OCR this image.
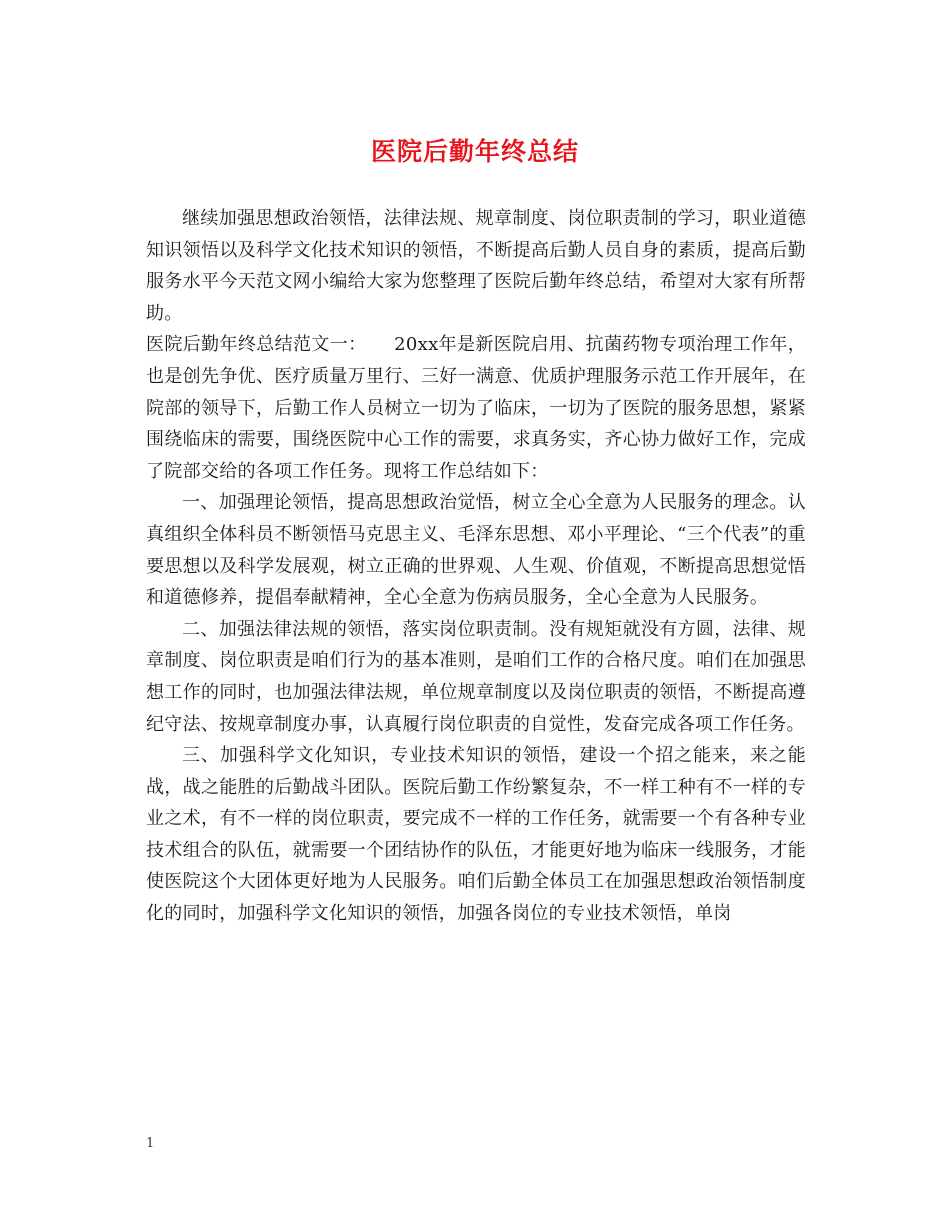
医院后勤年终总结

继续加强思想政治领悟，法律法规、规章制度、岗位职责制的学习，职业道德知识领悟以及科学文化技术知识的领悟，不断提高后勤人员自身的素质，提高后勤服务水平今天范文网小编给大家为您整理了医院后勤年终总结，希望对大家有所帮助。

医院后勤年终总结范文一：　　20xx年是新医院启用、抗菌药物专项治理工作年，也是创先争优、医疗质量万里行、三好一满意、优质护理服务示范工作开展年，在院部的领导下，后勤工作人员树立一切为了临床，一切为了医院的服务思想，紧紧围绕临床的需要，围绕医院中心工作的需要，求真务实，齐心协力做好工作，完成了院部交给的各项工作任务。现将工作总结如下：

一、加强理论领悟，提高思想政治觉悟，树立全心全意为人民服务的理念。认真组织全体科员不断领悟马克思主义、毛泽东思想、邓小平理论、“三个代表”的重要思想以及科学发展观，树立正确的世界观、人生观、价值观，不断提高思想觉悟和道德修养，提倡奉献精神，全心全意为伤病员服务，全心全意为人民服务。

二、加强法律法规的领悟，落实岗位职责制。没有规矩就没有方圆，法律、规章制度、岗位职责是咱们行为的基本准则，是咱们工作的合格尺度。咱们在加强思想工作的同时，也加强法律法规，单位规章制度以及岗位职责的领悟，不断提高遵纪守法、按规章制度办事，认真履行岗位职责的自觉性，发奋完成各项工作任务。

三、加强科学文化知识，专业技术知识的领悟，建设一个招之能来，来之能战，战之能胜的后勤战斗团队。医院后勤工作纷繁复杂，不一样工种有不一样的专业之术，有不一样的岗位职责，要完成不一样的工作任务，就需要一个有各种专业技术组合的队伍，就需要一个团结协作的队伍，才能更好地为临床一线服务，才能使医院这个大团体更好地为人民服务。咱们后勤全体员工在加强思想政治领悟制度化的同时，加强科学文化知识的领悟，加强各岗位的专业技术领悟，单岗

1
